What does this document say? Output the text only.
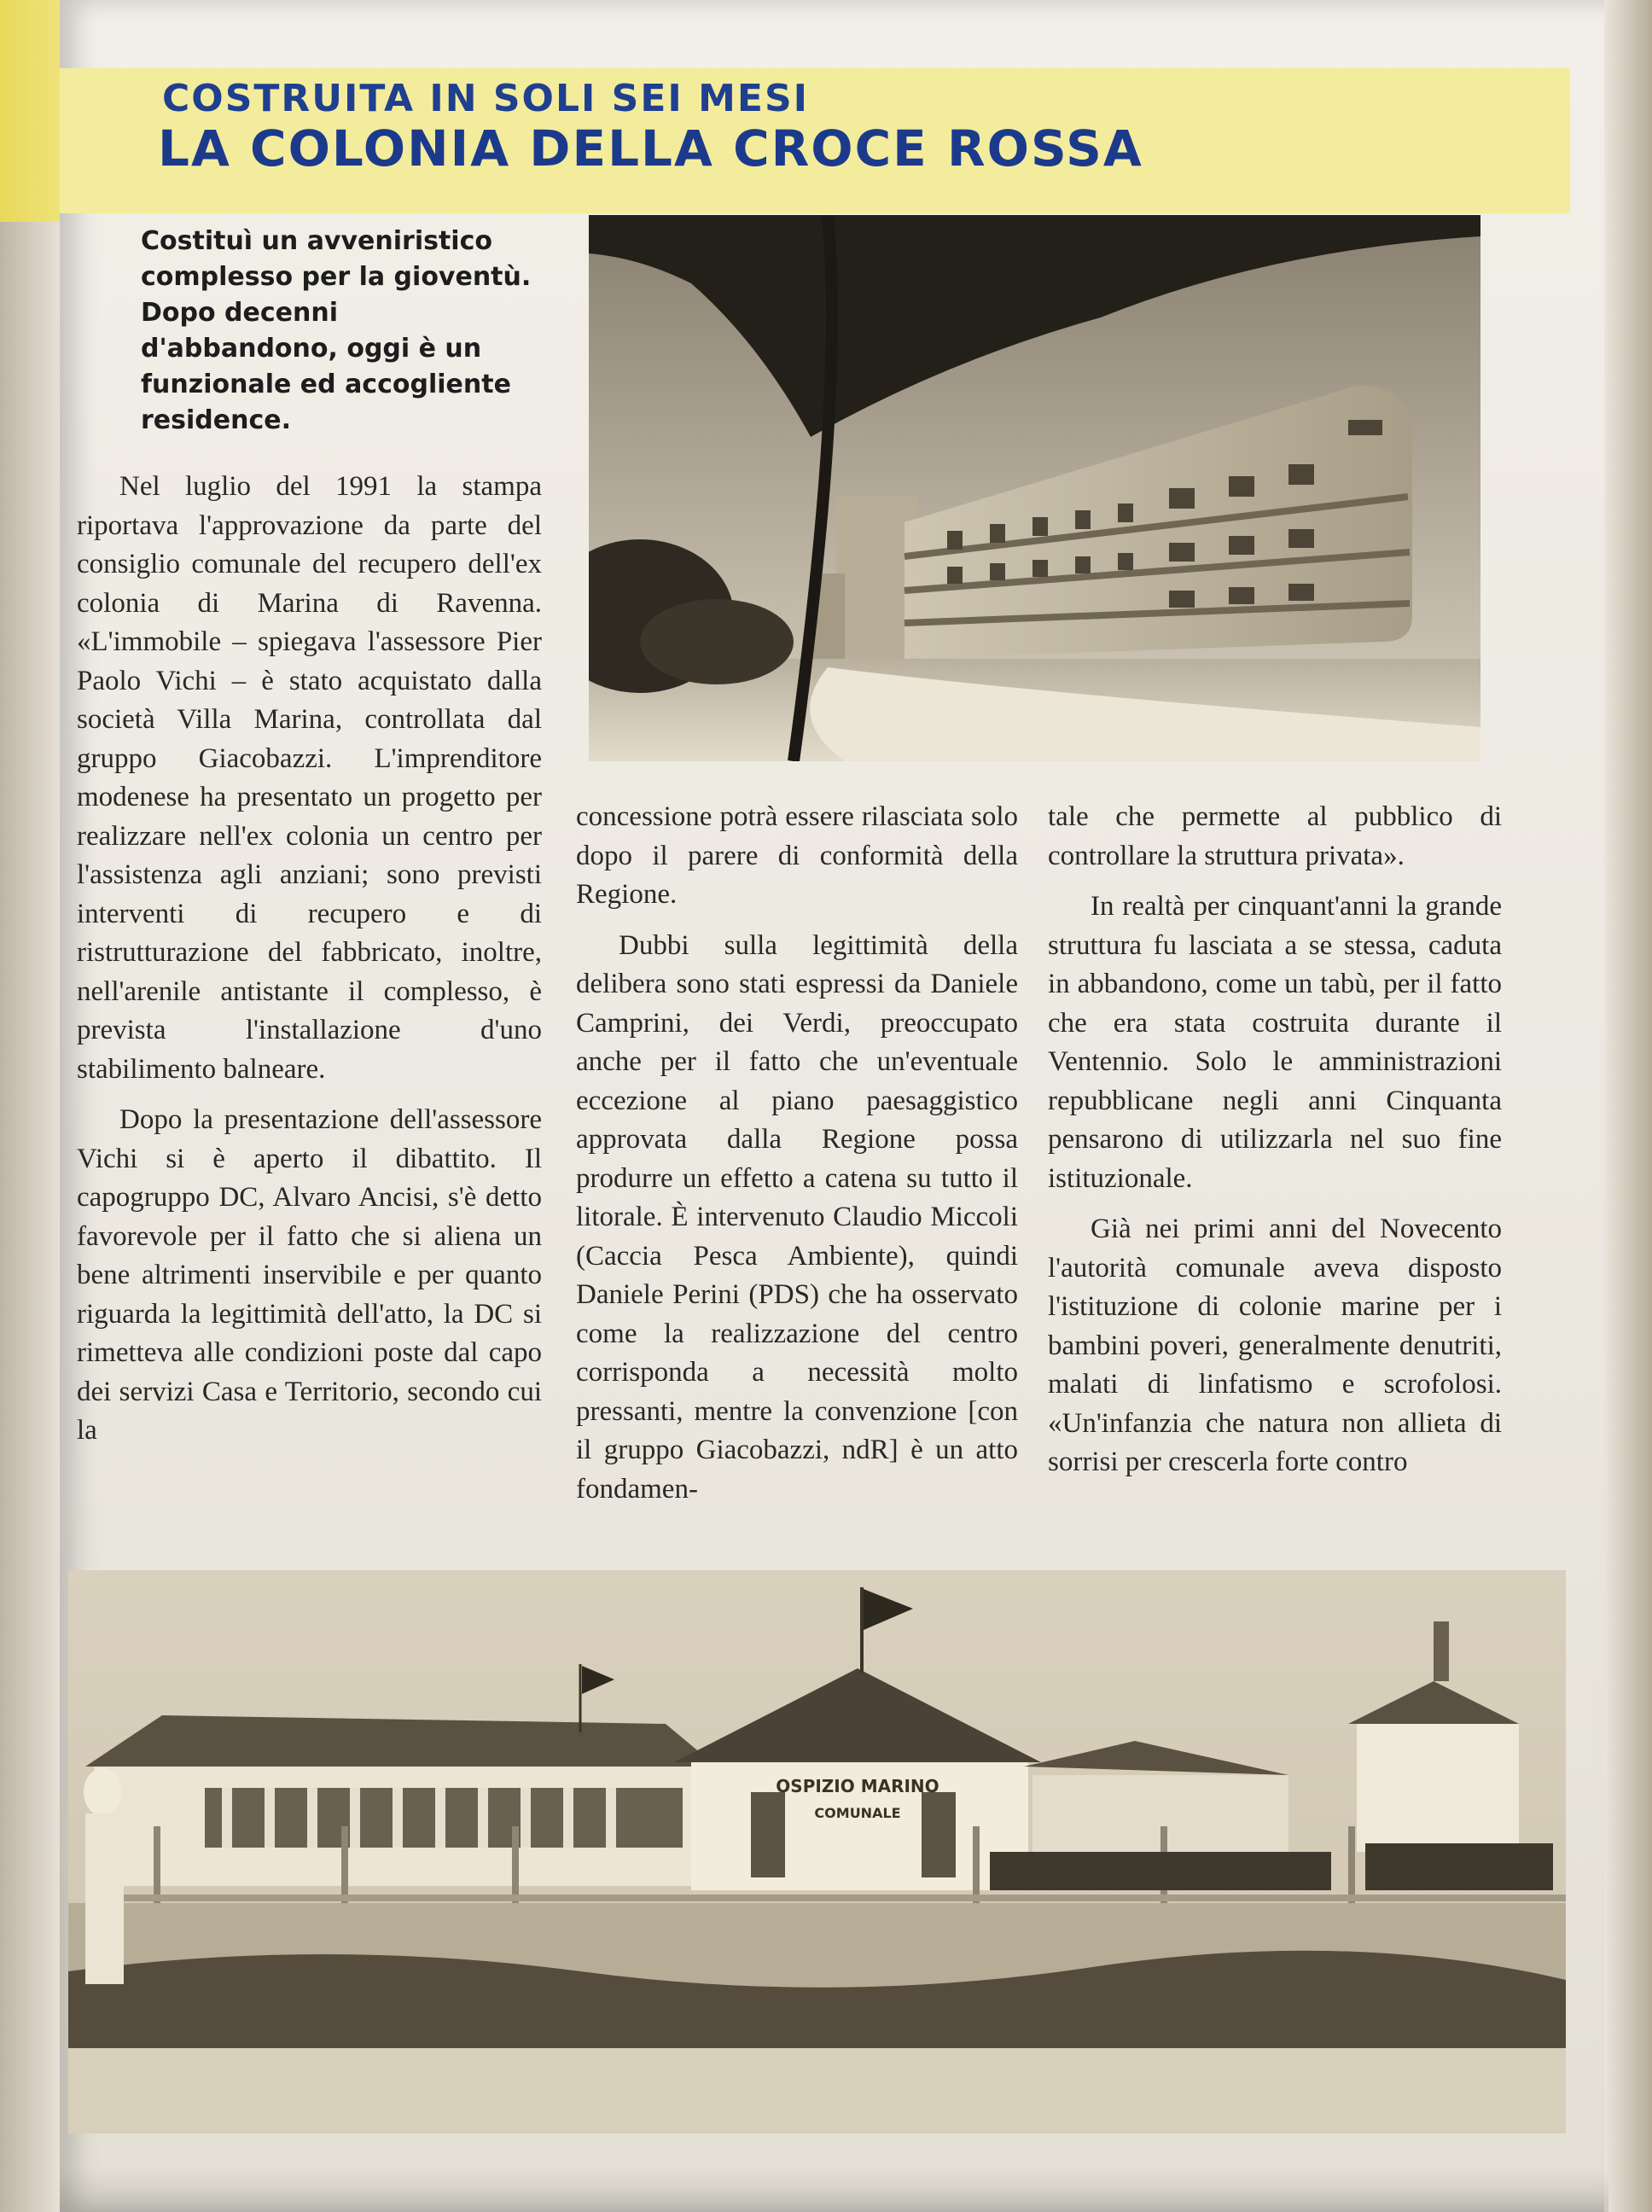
COSTRUITA IN SOLI SEI MESI
LA COLONIA DELLA CROCE ROSSA
Costituì un avveniristico complesso per la gioventù. Dopo decenni d'abbandono, oggi è un funzionale ed accogliente residence.

Nel luglio del 1991 la stampa riportava l'approvazione da parte del consiglio comunale del recupero dell'ex colonia di Marina di Ravenna. «L'immobile – spiegava l'assessore Pier Paolo Vichi – è stato acquistato dalla società Villa Marina, controllata dal gruppo Giacobazzi. L'imprenditore modenese ha presentato un progetto per realizzare nell'ex colonia un centro per l'assistenza agli anziani; sono previsti interventi di recupero e di ristrutturazione del fabbricato, inoltre, nell'arenile antistante il complesso, è prevista l'installazione d'uno stabilimento balneare.

Dopo la presentazione dell'assessore Vichi si è aperto il dibattito. Il capogruppo DC, Alvaro Ancisi, s'è detto favorevole per il fatto che si aliena un bene altrimenti inservibile e per quanto riguarda la legittimità dell'atto, la DC si rimetteva alle condizioni poste dal capo dei servizi Casa e Territorio, secondo cui la

concessione potrà essere rilasciata solo dopo il parere di conformità della Regione.

Dubbi sulla legittimità della delibera sono stati espressi da Daniele Camprini, dei Verdi, preoccupato anche per il fatto che un'eventuale eccezione al piano paesaggistico approvata dalla Regione possa produrre un effetto a catena su tutto il litorale. È intervenuto Claudio Miccoli (Caccia Pesca Ambiente), quindi Daniele Perini (PDS) che ha osservato come la realizzazione del centro corrisponda a necessità molto pressanti, mentre la convenzione [con il gruppo Giacobazzi, ndR] è un atto fondamen-

tale che permette al pubblico di controllare la struttura privata».

In realtà per cinquant'anni la grande struttura fu lasciata a se stessa, caduta in abbandono, come un tabù, per il fatto che era stata costruita durante il Ventennio. Solo le amministrazioni repubblicane negli anni Cinquanta pensarono di utilizzarla nel suo fine istituzionale.

Già nei primi anni del Novecento l'autorità comunale aveva disposto l'istituzione di colonie marine per i bambini poveri, generalmente denutriti, malati di linfatismo e scrofolosi. «Un'infanzia che natura non allieta di sorrisi per crescerla forte contro

OSPIZIO MARINO
COMUNALE
